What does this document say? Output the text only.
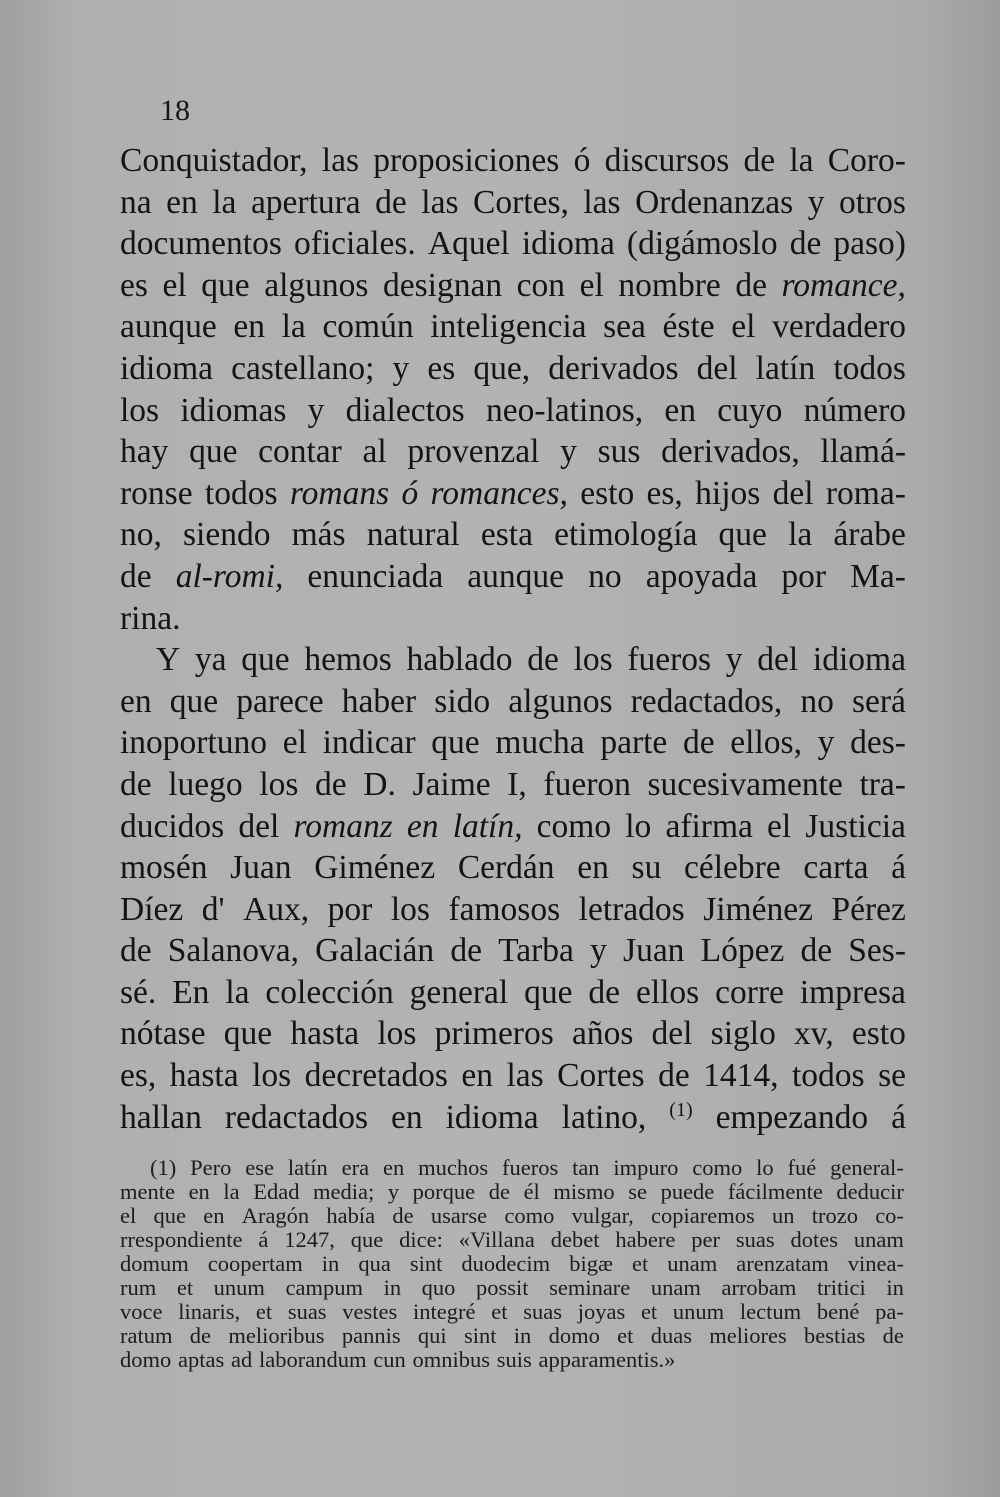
18
Conquistador, las proposiciones ó discursos de la Coro-
na en la apertura de las Cortes, las Ordenanzas y otros
documentos oficiales. Aquel idioma (digámoslo de paso)
es el que algunos designan con el nombre de romance,
aunque en la común inteligencia sea éste el verdadero
idioma castellano; y es que, derivados del latín todos
los idiomas y dialectos neo-latinos, en cuyo número
hay que contar al provenzal y sus derivados, llamá-
ronse todos romans ó romances, esto es, hijos del roma-
no, siendo más natural esta etimología que la árabe
de al-romi, enunciada aunque no apoyada por Ma-
rina.
Y ya que hemos hablado de los fueros y del idioma
en que parece haber sido algunos redactados, no será
inoportuno el indicar que mucha parte de ellos, y des-
de luego los de D. Jaime I, fueron sucesivamente tra-
ducidos del romanz en latín, como lo afirma el Justicia
mosén Juan Giménez Cerdán en su célebre carta á
Díez d' Aux, por los famosos letrados Jiménez Pérez
de Salanova, Galacián de Tarba y Juan López de Ses-
sé. En la colección general que de ellos corre impresa
nótase que hasta los primeros años del siglo xv, esto
es, hasta los decretados en las Cortes de 1414, todos se
hallan redactados en idioma latino, $^{(1)}$ empezando á
(1) Pero ese latín era en muchos fueros tan impuro como lo fué general-
mente en la Edad media; y porque de él mismo se puede fácilmente deducir
el que en Aragón había de usarse como vulgar, copiaremos un trozo co-
rrespondiente á 1247, que dice: «Villana debet habere per suas dotes unam
domum coopertam in qua sint duodecim bigæ et unam arenzatam vinea-
rum et unum campum in quo possit seminare unam arrobam tritici in
voce linaris, et suas vestes integré et suas joyas et unum lectum bené pa-
ratum de melioribus pannis qui sint in domo et duas meliores bestias de
domo aptas ad laborandum cun omnibus suis apparamentis.»
